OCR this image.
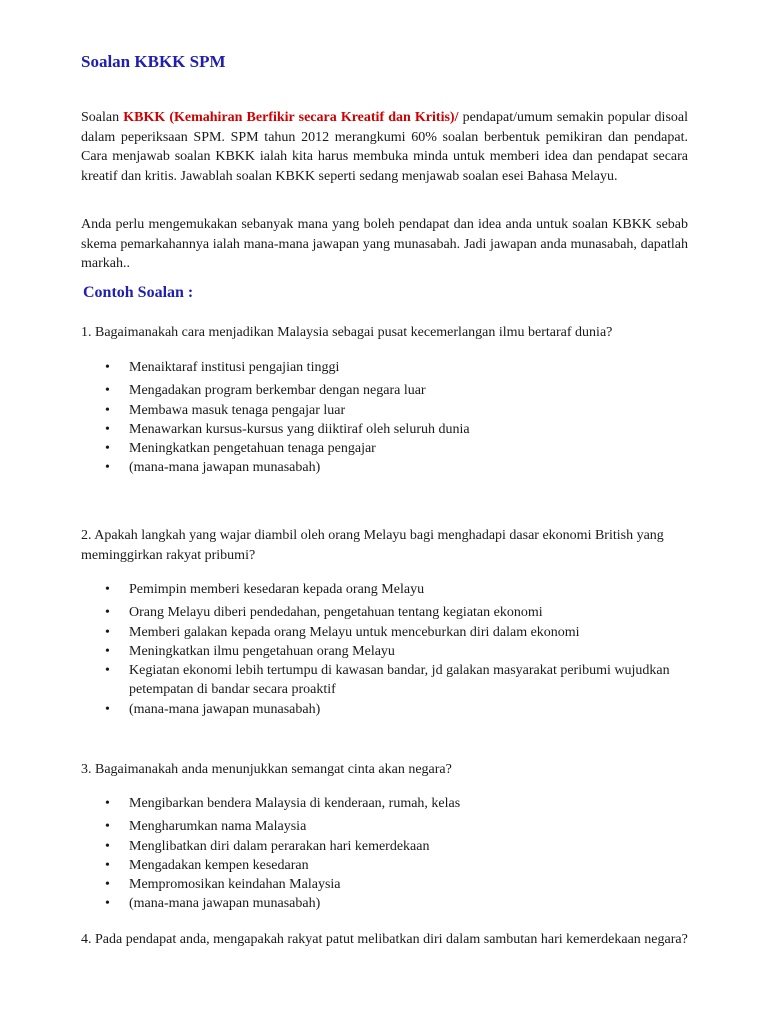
Soalan KBKK SPM

Soalan KBKK (Kemahiran Berfikir secara Kreatif dan Kritis)/ pendapat/umum semakin popular disoal dalam peperiksaan SPM. SPM tahun 2012 merangkumi 60% soalan berbentuk pemikiran dan pendapat. Cara menjawab soalan KBKK ialah kita harus membuka minda untuk memberi idea dan pendapat secara kreatif dan kritis. Jawablah soalan KBKK seperti sedang menjawab soalan esei Bahasa Melayu.

Anda perlu mengemukakan sebanyak mana yang boleh pendapat dan idea anda untuk soalan KBKK sebab skema pemarkahannya ialah mana-mana jawapan yang munasabah. Jadi jawapan anda munasabah, dapatlah markah..

Contoh Soalan :

1. Bagaimanakah cara menjadikan Malaysia sebagai pusat kecemerlangan ilmu bertaraf dunia?

• Menaiktaraf institusi pengajian tinggi
• Mengadakan program berkembar dengan negara luar
• Membawa masuk tenaga pengajar luar
• Menawarkan kursus-kursus yang diiktiraf oleh seluruh dunia
• Meningkatkan pengetahuan tenaga pengajar
• (mana-mana jawapan munasabah)

2. Apakah langkah yang wajar diambil oleh orang Melayu bagi menghadapi dasar ekonomi British yang meminggirkan rakyat pribumi?

• Pemimpin memberi kesedaran kepada orang Melayu
• Orang Melayu diberi pendedahan, pengetahuan tentang kegiatan ekonomi
• Memberi galakan kepada orang Melayu untuk menceburkan diri dalam ekonomi
• Meningkatkan ilmu pengetahuan orang Melayu
• Kegiatan ekonomi lebih tertumpu di kawasan bandar, jd galakan masyarakat peribumi wujudkan petempatan di bandar secara proaktif
• (mana-mana jawapan munasabah)

3. Bagaimanakah anda menunjukkan semangat cinta akan negara?

• Mengibarkan bendera Malaysia di kenderaan, rumah, kelas
• Mengharumkan nama Malaysia
• Menglibatkan diri dalam perarakan hari kemerdekaan
• Mengadakan kempen kesedaran
• Mempromosikan keindahan Malaysia
• (mana-mana jawapan munasabah)

4. Pada pendapat anda, mengapakah rakyat patut melibatkan diri dalam sambutan hari kemerdekaan negara?
